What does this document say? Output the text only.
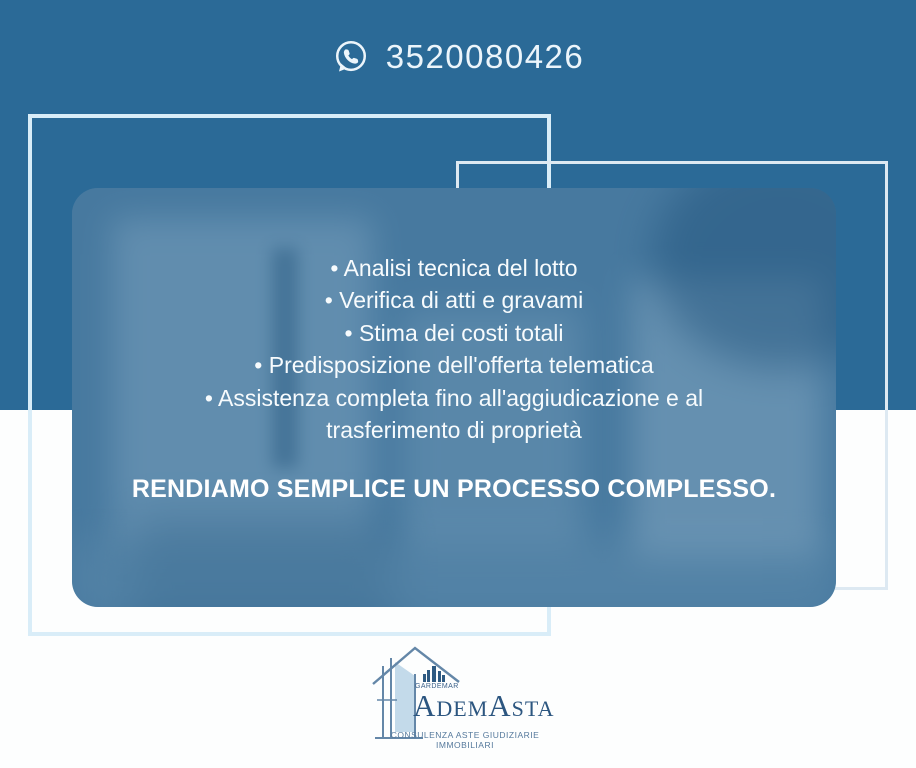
3520080426
• Analisi tecnica del lotto
• Verifica di atti e gravami
• Stima dei costi totali
• Predisposizione dell'offerta telematica
• Assistenza completa fino all'aggiudicazione e al trasferimento di proprietà
RENDIAMO SEMPLICE UN PROCESSO COMPLESSO.
GARDEMAR
AdemAsta
CONSULENZA ASTE GIUDIZIARIE IMMOBILIARI
